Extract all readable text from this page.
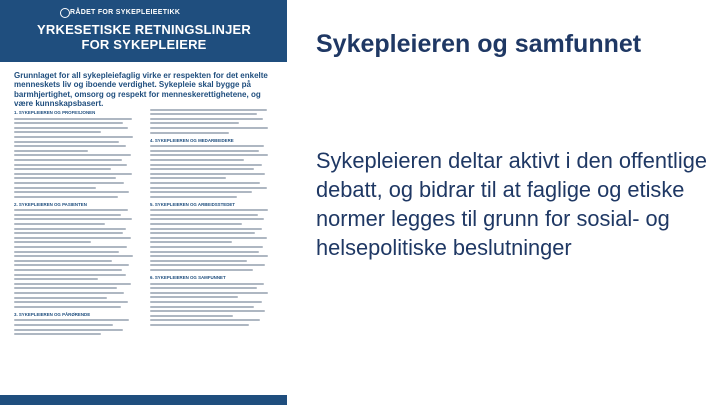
RÅDET FOR SYKEPLEIEETIKK
YRKESETISKE RETNINGSLINJER
FOR SYKEPLEIERE
Grunnlaget for all sykepleiefaglig virke er respekten for det enkelte menneskets liv og iboende verdighet. Sykepleie skal bygge på barmhjertighet, omsorg og respekt for menneskerettighetene, og være kunnskapsbasert.
1. SYKEPLEIEREN OG PROFESJONEN
2. SYKEPLEIEREN OG PASIENTEN
3. SYKEPLEIEREN OG PÅRØRENDE
4. SYKEPLEIEREN OG MEDARBEIDERE
5. SYKEPLEIEREN OG ARBEIDSSTEDET
6. SYKEPLEIEREN OG SAMFUNNET
Sykepleieren og samfunnet

Sykepleieren deltar aktivt i den offentlige debatt, og bidrar til at faglige og etiske normer legges til grunn for sosial- og helsepolitiske beslutninger
